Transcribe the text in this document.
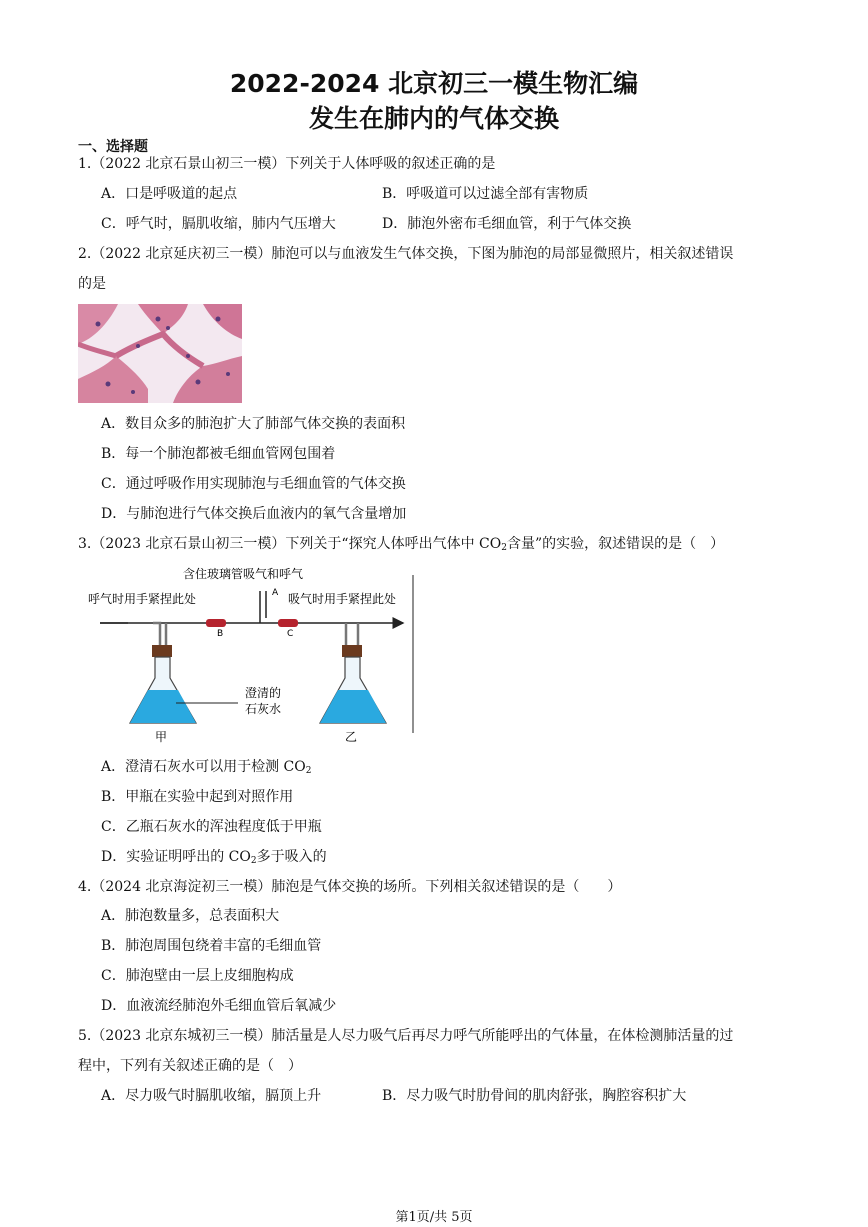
2022-2024 北京初三一模生物汇编
发生在肺内的气体交换
一、选择题
1.（2022 北京石景山初三一模）下列关于人体呼吸的叙述正确的是
A．口是呼吸道的起点	B．呼吸道可以过滤全部有害物质
C．呼气时，膈肌收缩，肺内气压增大	D．肺泡外密布毛细血管，利于气体交换
2.（2022 北京延庆初三一模）肺泡可以与血液发生气体交换，下图为肺泡的局部显微照片，相关叙述错误
的是
A．数目众多的肺泡扩大了肺部气体交换的表面积
B．每一个肺泡都被毛细血管网包围着
C．通过呼吸作用实现肺泡与毛细血管的气体交换
D．与肺泡进行气体交换后血液内的氧气含量增加
3.（2023 北京石景山初三一模）下列关于“探究人体呼出气体中 $CO_2$含量”的实验，叙述错误的是（　）
含住玻璃管吸气和呼气
呼气时用手紧捏此处	吸气时用手紧捏此处
A
B	C
澄清的
石灰水
甲	乙
A．澄清石灰水可以用于检测 $CO_2$
B．甲瓶在实验中起到对照作用
C．乙瓶石灰水的浑浊程度低于甲瓶
D．实验证明呼出的 $CO_2$多于吸入的
4.（2024 北京海淀初三一模）肺泡是气体交换的场所。下列相关叙述错误的是（　　）
A．肺泡数量多，总表面积大
B．肺泡周围包绕着丰富的毛细血管
C．肺泡壁由一层上皮细胞构成
D．血液流经肺泡外毛细血管后氧减少
5.（2023 北京东城初三一模）肺活量是人尽力吸气后再尽力呼气所能呼出的气体量，在体检测肺活量的过
程中，下列有关叙述正确的是（　）
A．尽力吸气时膈肌收缩，膈顶上升	B．尽力吸气时肋骨间的肌肉舒张，胸腔容积扩大
第1页/共 5页
